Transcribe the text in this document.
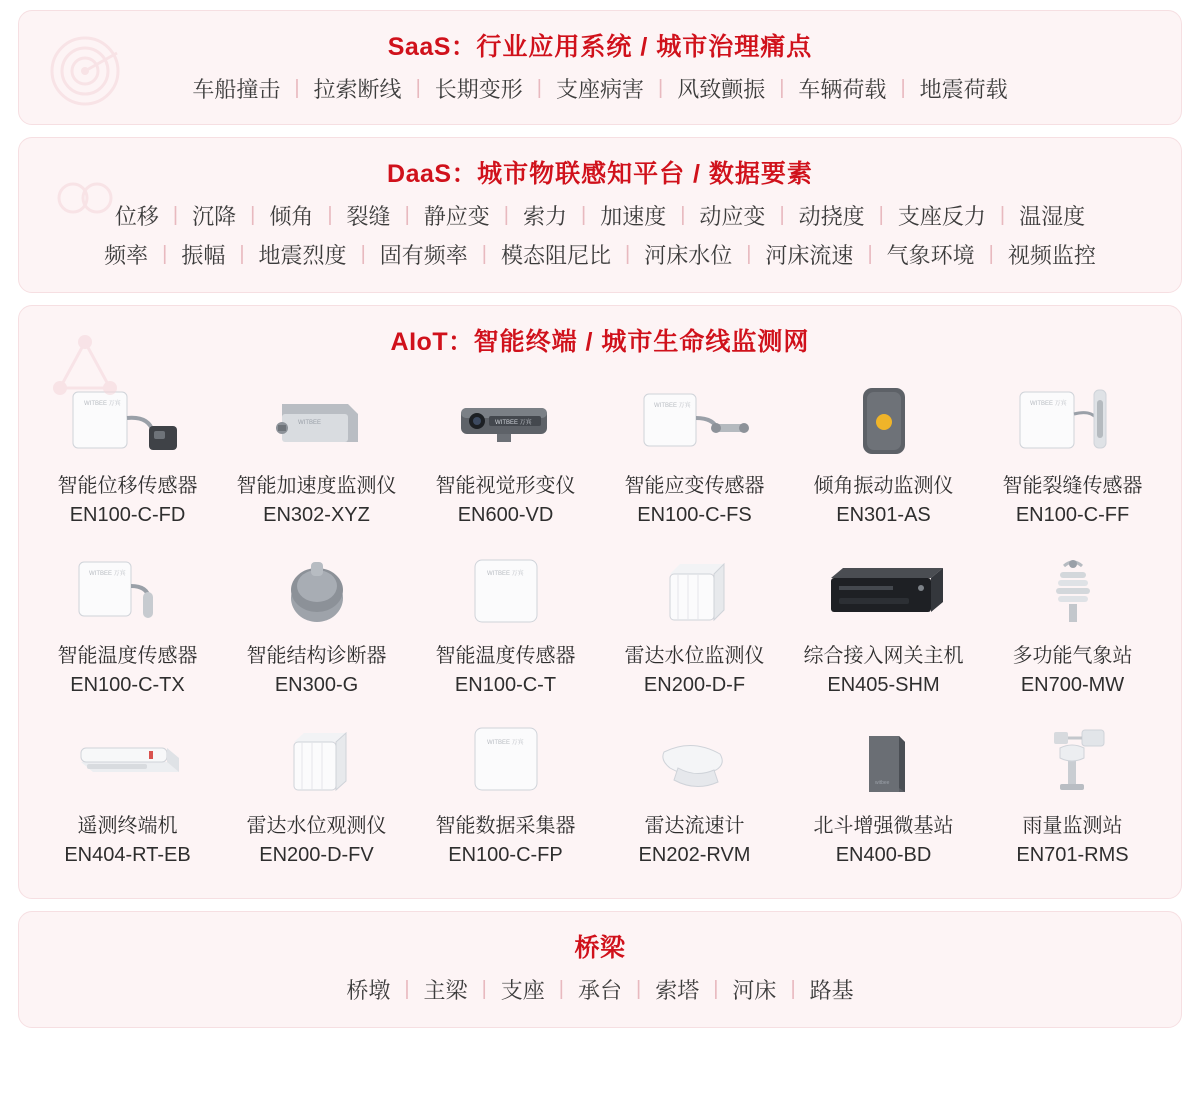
SaaS：行业应用系统 / 城市治理痛点
车船撞击 | 拉索断线 | 长期变形 | 支座病害 | 风致颤振 | 车辆荷载 | 地震荷载
DaaS：城市物联感知平台 / 数据要素
位移 | 沉降 | 倾角 | 裂缝 | 静应变 | 索力 | 加速度 | 动应变 | 动挠度 | 支座反力 | 温湿度
频率 | 振幅 | 地震烈度 | 固有频率 | 模态阻尼比 | 河床水位 | 河床流速 | 气象环境 | 视频监控
AIoT：智能终端 / 城市生命线监测网
WITBEE 万宾
智能位移传感器
EN100-C-FD
WITBEE
智能加速度监测仪
EN302-XYZ
WITBEE 万宾
智能视觉形变仪
EN600-VD
WITBEE 万宾
智能应变传感器
EN100-C-FS
倾角振动监测仪
EN301-AS
WITBEE 万宾
智能裂缝传感器
EN100-C-FF
WITBEE 万宾
智能温度传感器
EN100-C-TX
智能结构诊断器
EN300-G
WITBEE 万宾
智能温度传感器
EN100-C-T
雷达水位监测仪
EN200-D-F
综合接入网关主机
EN405-SHM
多功能气象站
EN700-MW
遥测终端机
EN404-RT-EB
雷达水位观测仪
EN200-D-FV
WITBEE 万宾
智能数据采集器
EN100-C-FP
雷达流速计
EN202-RVM
witbee
北斗增强微基站
EN400-BD
雨量监测站
EN701-RMS
桥梁
桥墩 | 主梁 | 支座 | 承台 | 索塔 | 河床 | 路基
